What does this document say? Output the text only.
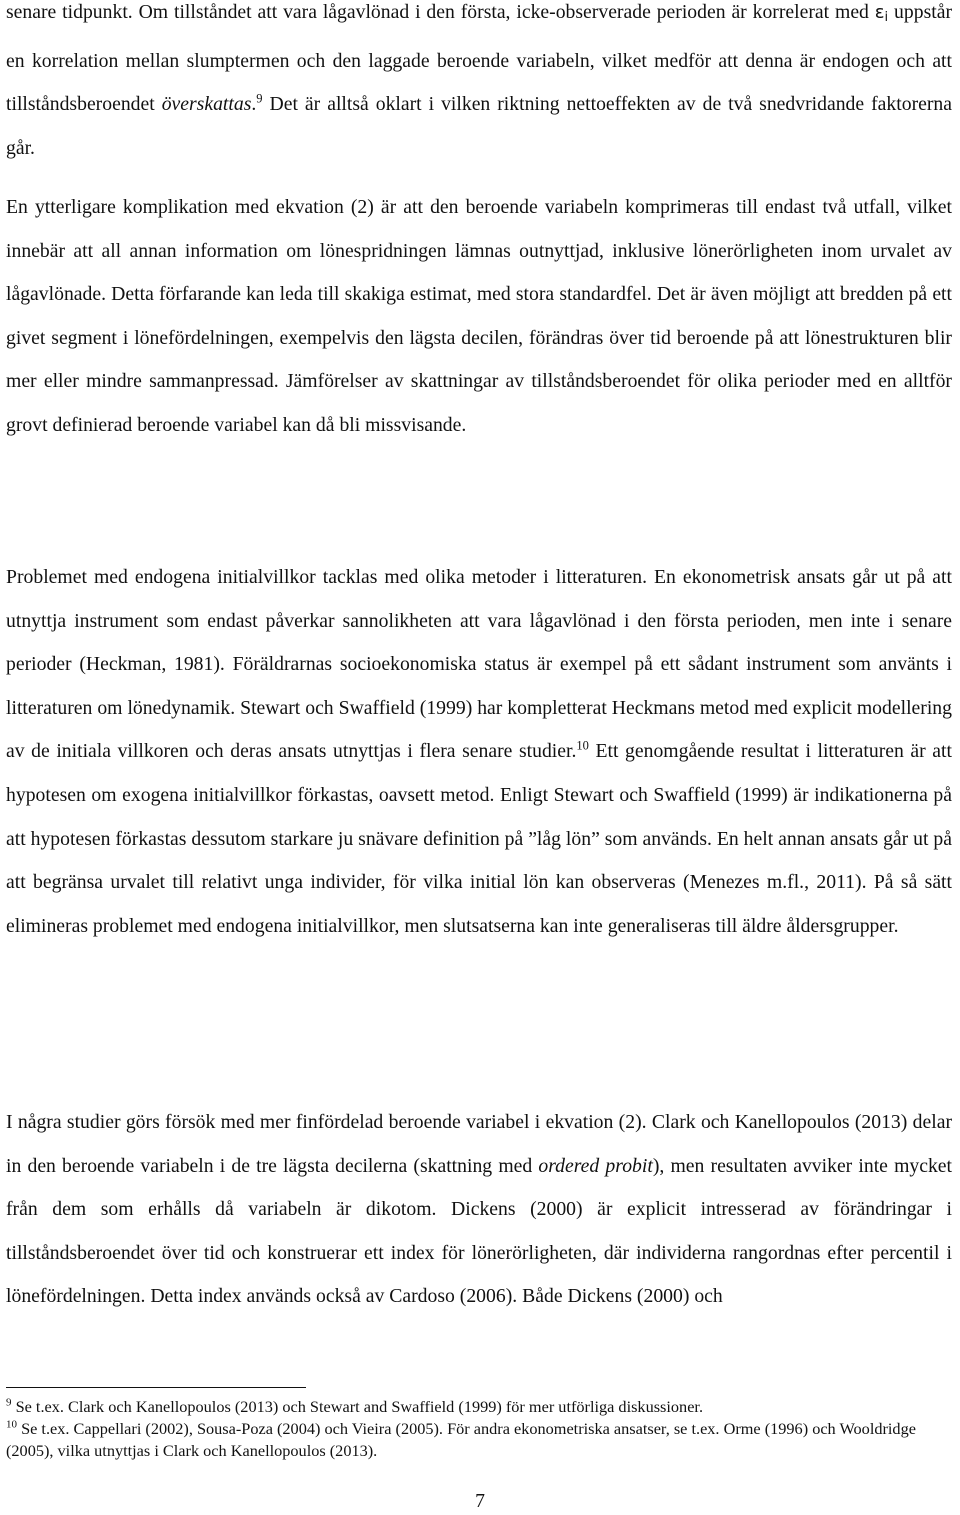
senare tidpunkt. Om tillståndet att vara lågavlönad i den första, icke-observerade perioden är korrelerat med $\varepsilon_i$ uppstår en korrelation mellan slumptermen och den laggade beroende variabeln, vilket medför att denna är endogen och att tillståndsberoendet överskattas.$^9$ Det är alltså oklart i vilken riktning nettoeffekten av de två snedvridande faktorerna går.

En ytterligare komplikation med ekvation (2) är att den beroende variabeln komprimeras till endast två utfall, vilket innebär att all annan information om lönespridningen lämnas outnyttjad, inklusive lönerörligheten inom urvalet av lågavlönade. Detta förfarande kan leda till skakiga estimat, med stora standardfel. Det är även möjligt att bredden på ett givet segment i lönefördelningen, exempelvis den lägsta decilen, förändras över tid beroende på att lönestrukturen blir mer eller mindre sammanpressad. Jämförelser av skattningar av tillståndsberoendet för olika perioder med en alltför grovt definierad beroende variabel kan då bli missvisande.

Problemet med endogena initialvillkor tacklas med olika metoder i litteraturen. En ekonometrisk ansats går ut på att utnyttja instrument som endast påverkar sannolikheten att vara lågavlönad i den första perioden, men inte i senare perioder (Heckman, 1981). Föräldrarnas socioekonomiska status är exempel på ett sådant instrument som använts i litteraturen om lönedynamik. Stewart och Swaffield (1999) har kompletterat Heckmans metod med explicit modellering av de initiala villkoren och deras ansats utnyttjas i flera senare studier.$^{10}$ Ett genomgående resultat i litteraturen är att hypotesen om exogena initialvillkor förkastas, oavsett metod. Enligt Stewart och Swaffield (1999) är indikationerna på att hypotesen förkastas dessutom starkare ju snävare definition på ”låg lön” som används. En helt annan ansats går ut på att begränsa urvalet till relativt unga individer, för vilka initial lön kan observeras (Menezes m.fl., 2011). På så sätt elimineras problemet med endogena initialvillkor, men slutsatserna kan inte generaliseras till äldre åldersgrupper.

I några studier görs försök med mer finfördelad beroende variabel i ekvation (2). Clark och Kanellopoulos (2013) delar in den beroende variabeln i de tre lägsta decilerna (skattning med ordered probit), men resultaten avviker inte mycket från dem som erhålls då variabeln är dikotom. Dickens (2000) är explicit intresserad av förändringar i tillståndsberoendet över tid och konstruerar ett index för lönerörligheten, där individerna rangordnas efter percentil i lönefördelningen. Detta index används också av Cardoso (2006). Både Dickens (2000) och

$^9$ Se t.ex. Clark och Kanellopoulos (2013) och Stewart and Swaffield (1999) för mer utförliga diskussioner.

$^{10}$ Se t.ex. Cappellari (2002), Sousa-Poza (2004) och Vieira (2005). För andra ekonometriska ansatser, se t.ex. Orme (1996) och Wooldridge (2005), vilka utnyttjas i Clark och Kanellopoulos (2013).

7
